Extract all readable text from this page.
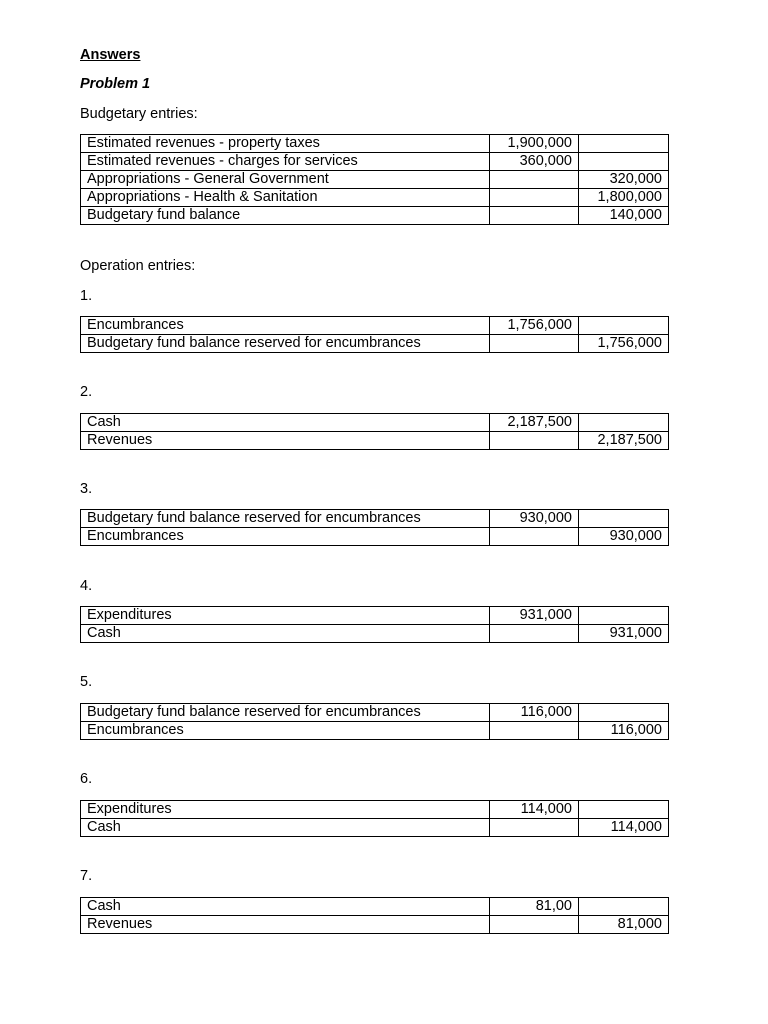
Answers

Problem 1

Budgetary entries:

Estimated revenues - property taxes	1,900,000	
Estimated revenues - charges for services	360,000	
Appropriations - General Government		320,000
Appropriations - Health & Sanitation		1,800,000
Budgetary fund balance		140,000

Operation entries:

1.

Encumbrances	1,756,000	
Budgetary fund balance reserved for encumbrances		1,756,000

2.

Cash	2,187,500	
Revenues		2,187,500

3.

Budgetary fund balance reserved for encumbrances	930,000	
Encumbrances		930,000

4.

Expenditures	931,000	
Cash		931,000

5.

Budgetary fund balance reserved for encumbrances	116,000	
Encumbrances		116,000

6.

Expenditures	114,000	
Cash		114,000

7.

Cash	81,00	
Revenues		81,000
